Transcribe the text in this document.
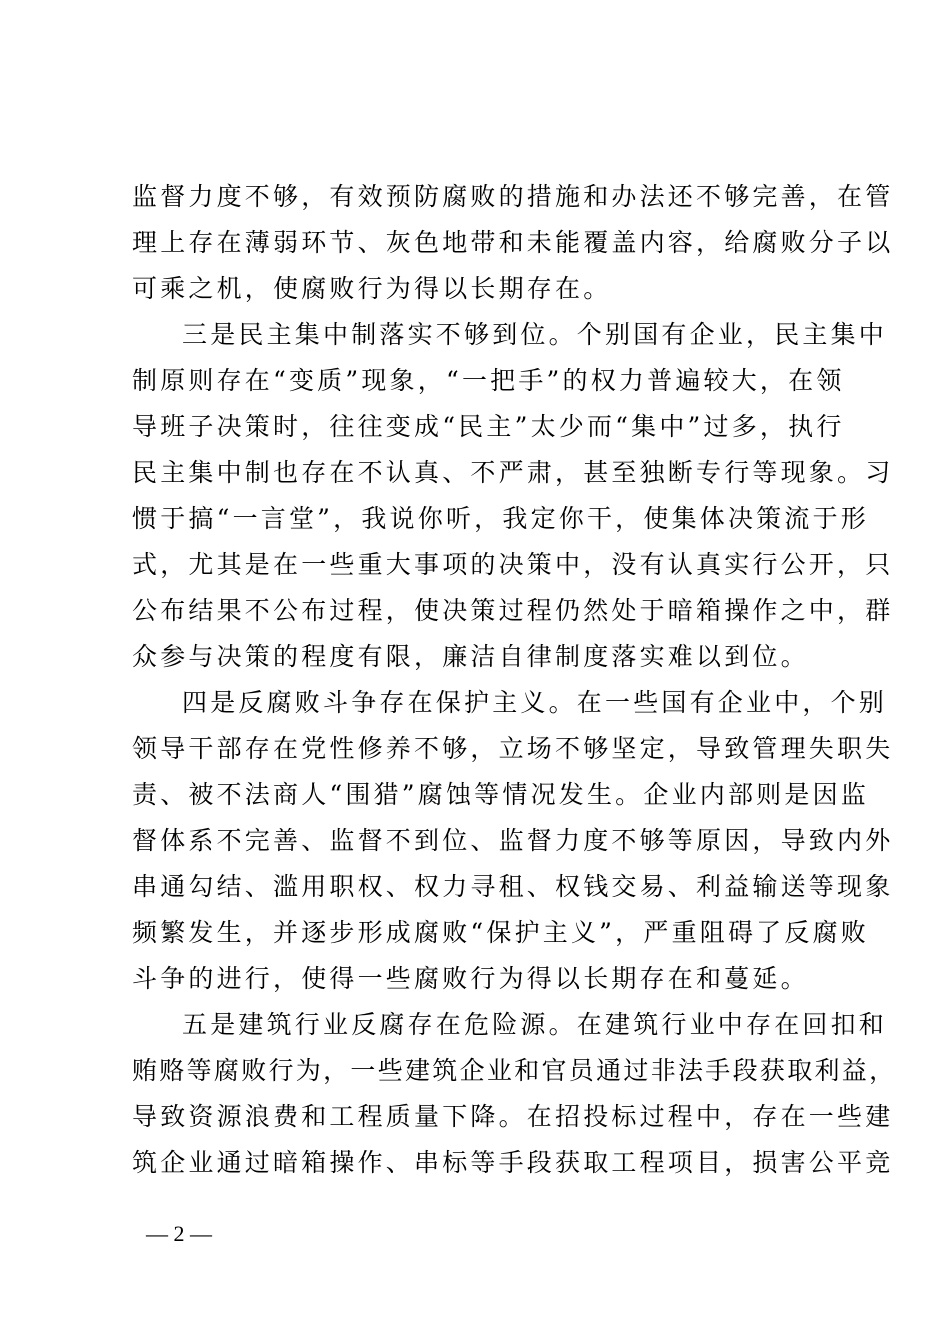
监督力度不够，有效预防腐败的措施和办法还不够完善，在管
理上存在薄弱环节、灰色地带和未能覆盖内容，给腐败分子以
可乘之机，使腐败行为得以长期存在。
三是民主集中制落实不够到位。个别国有企业，民主集中
制原则存在“变质”现象，“一把手”的权力普遍较大，在领
导班子决策时，往往变成“民主”太少而“集中”过多，执行
民主集中制也存在不认真、不严肃，甚至独断专行等现象。习
惯于搞“一言堂”，我说你听，我定你干，使集体决策流于形
式，尤其是在一些重大事项的决策中，没有认真实行公开，只
公布结果不公布过程，使决策过程仍然处于暗箱操作之中，群
众参与决策的程度有限，廉洁自律制度落实难以到位。
四是反腐败斗争存在保护主义。在一些国有企业中，个别
领导干部存在党性修养不够，立场不够坚定，导致管理失职失
责、被不法商人“围猎”腐蚀等情况发生。企业内部则是因监
督体系不完善、监督不到位、监督力度不够等原因，导致内外
串通勾结、滥用职权、权力寻租、权钱交易、利益输送等现象
频繁发生，并逐步形成腐败“保护主义”，严重阻碍了反腐败
斗争的进行，使得一些腐败行为得以长期存在和蔓延。
五是建筑行业反腐存在危险源。在建筑行业中存在回扣和
贿赂等腐败行为，一些建筑企业和官员通过非法手段获取利益，
导致资源浪费和工程质量下降。在招投标过程中，存在一些建
筑企业通过暗箱操作、串标等手段获取工程项目，损害公平竞
— 2 —
